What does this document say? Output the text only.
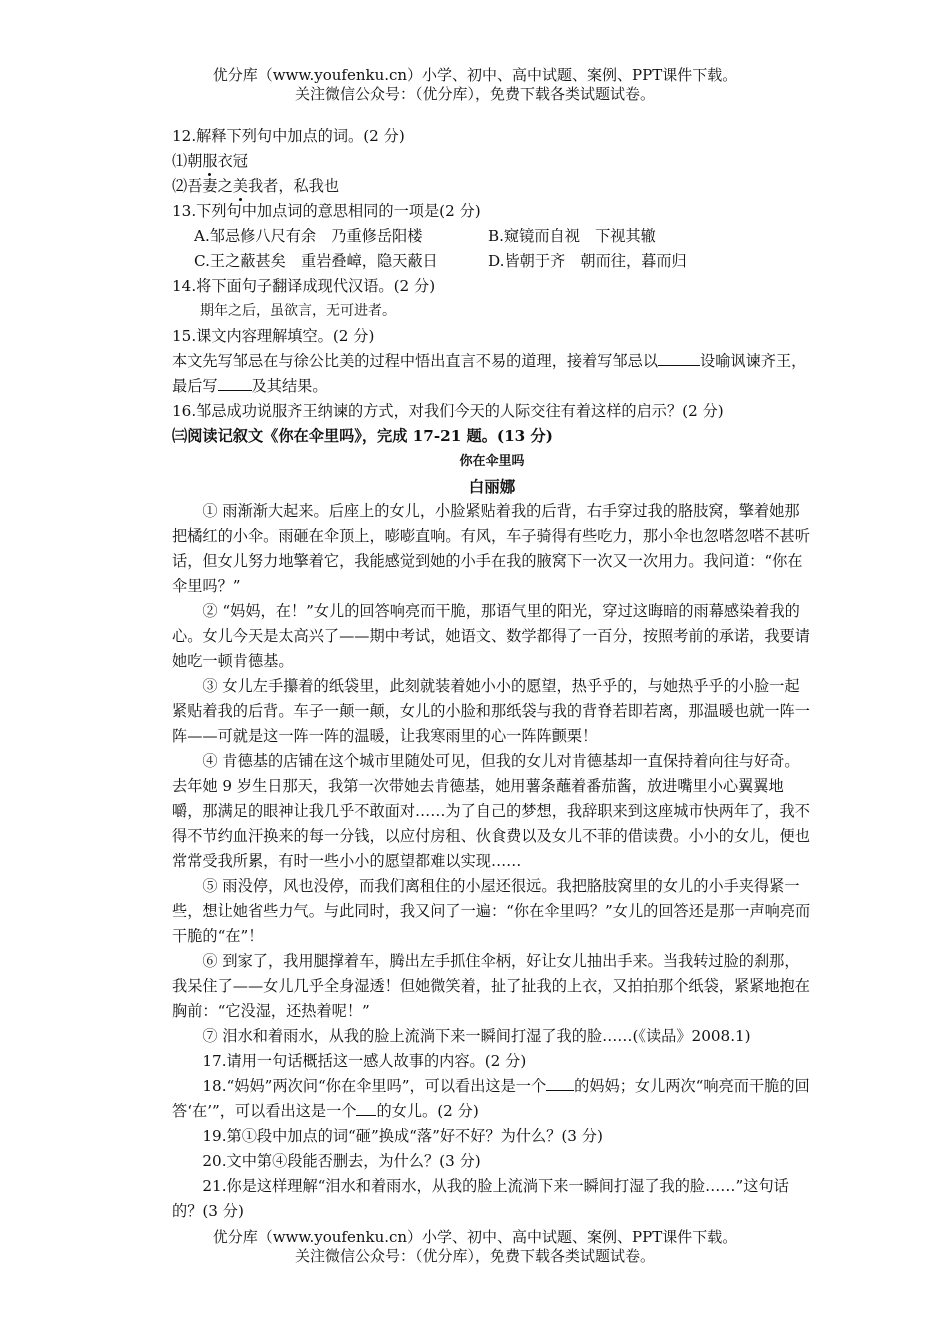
优分库（www.youfenku.cn）小学、初中、高中试题、案例、PPT课件下载。

关注微信公众号：（优分库），免费下载各类试题试卷。

12.解释下列句中加点的词。(2 分)

⑴朝服衣冠

⑵吾妻之美我者，私我也

13.下列句中加点词的意思相同的一项是(2 分)

A.邹忌修八尺有余　乃重修岳阳楼	B.窥镜而自视　下视其辙

C.王之蔽甚矣　重岩叠嶂，隐天蔽日	D.皆朝于齐　朝而往，暮而归

14.将下面句子翻译成现代汉语。(2 分)

期年之后，虽欲言，无可进者。

15.课文内容理解填空。(2 分)

本文先写邹忌在与徐公比美的过程中悟出直言不易的道理，接着写邹忌以	设喻讽谏齐王，最后写 及其结果。

16.邹忌成功说服齐王纳谏的方式，对我们今天的人际交往有着这样的启示？(2 分)

㈢阅读记叙文《你在伞里吗》，完成 17-21 题。(13 分)

你在伞里吗

白丽娜

① 雨渐渐大起来。后座上的女儿，小脸紧贴着我的后背，右手穿过我的胳肢窝，擎着她那把橘红的小伞。雨砸在伞顶上，嘭嘭直响。有风，车子骑得有些吃力，那小伞也忽嗒忽嗒不甚听话，但女儿努力地擎着它，我能感觉到她的小手在我的腋窝下一次又一次用力。我问道：“你在伞里吗？”

② “妈妈，在！”女儿的回答响亮而干脆，那语气里的阳光，穿过这晦暗的雨幕感染着我的心。女儿今天是太高兴了——期中考试，她语文、数学都得了一百分，按照考前的承诺，我要请她吃一顿肯德基。

③ 女儿左手攥着的纸袋里，此刻就装着她小小的愿望，热乎乎的，与她热乎乎的小脸一起紧贴着我的后背。车子一颠一颠，女儿的小脸和那纸袋与我的背脊若即若离，那温暖也就一阵一阵——可就是这一阵一阵的温暖，让我寒雨里的心一阵阵颤栗！

④ 肯德基的店铺在这个城市里随处可见，但我的女儿对肯德基却一直保持着向往与好奇。去年她 9 岁生日那天，我第一次带她去肯德基，她用薯条蘸着番茄酱，放进嘴里小心翼翼地嚼，那满足的眼神让我几乎不敢面对……为了自己的梦想，我辞职来到这座城市快两年了，我不得不节约血汗换来的每一分钱，以应付房租、伙食费以及女儿不菲的借读费。小小的女儿，便也常常受我所累，有时一些小小的愿望都难以实现……

⑤ 雨没停，风也没停，而我们离租住的小屋还很远。我把胳肢窝里的女儿的小手夹得紧一些，想让她省些力气。与此同时，我又问了一遍：“你在伞里吗？”女儿的回答还是那一声响亮而干脆的“在”！

⑥ 到家了，我用腿撑着车，腾出左手抓住伞柄，好让女儿抽出手来。当我转过脸的刹那，我呆住了——女儿几乎全身湿透！但她微笑着，扯了扯我的上衣，又拍拍那个纸袋，紧紧地抱在胸前：“它没湿，还热着呢！”

⑦ 泪水和着雨水，从我的脸上流淌下来一瞬间打湿了我的脸……(《读品》2008.1)

17.请用一句话概括这一感人故事的内容。(2 分)

18.“妈妈”两次问“你在伞里吗”，可以看出这是一个 的妈妈；女儿两次“响亮而干脆的回答‘在’”，可以看出这是一个 的女儿。(2 分)

19.第①段中加点的词“砸”换成“落”好不好？为什么？(3 分)

20.文中第④段能否删去，为什么？(3 分)

21.你是这样理解“泪水和着雨水，从我的脸上流淌下来一瞬间打湿了我的脸……”这句话的？(3 分)

优分库（www.youfenku.cn）小学、初中、高中试题、案例、PPT课件下载。

关注微信公众号：（优分库），免费下载各类试题试卷。
